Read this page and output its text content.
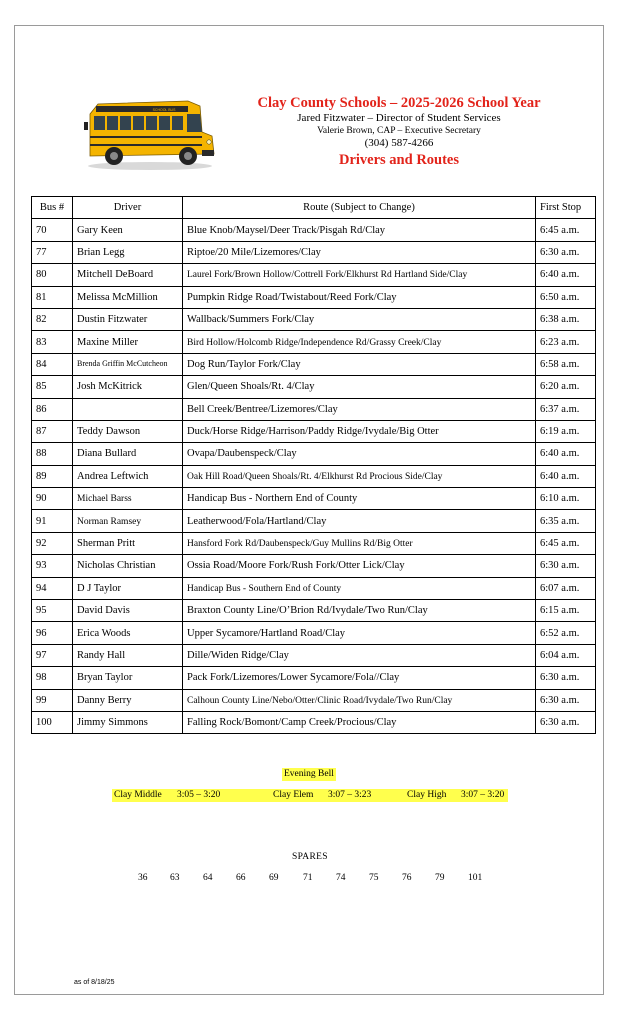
SCHOOL BUS	Clay County Schools – 2025-2026 School Year
Jared Fitzwater – Director of Student Services
Valerie Brown, CAP – Executive Secretary
(304) 587-4266
Drivers and Routes
Bus #	Driver	Route (Subject to Change)	First Stop
70	Gary Keen	Blue Knob/Maysel/Deer Track/Pisgah Rd/Clay	6:45 a.m.
77	Brian Legg	Riptoe/20 Mile/Lizemores/Clay	6:30 a.m.
80	Mitchell DeBoard	Laurel Fork/Brown Hollow/Cottrell Fork/Elkhurst Rd Hartland Side/Clay	6:40 a.m.
81	Melissa McMillion	Pumpkin Ridge Road/Twistabout/Reed Fork/Clay	6:50 a.m.
82	Dustin Fitzwater	Wallback/Summers Fork/Clay	6:38 a.m.
83	Maxine Miller	Bird Hollow/Holcomb Ridge/Independence Rd/Grassy Creek/Clay	6:23 a.m.
84	Brenda Griffin McCutcheon	Dog Run/Taylor Fork/Clay	6:58 a.m.
85	Josh McKitrick	Glen/Queen Shoals/Rt. 4/Clay	6:20 a.m.
86		Bell Creek/Bentree/Lizemores/Clay	6:37 a.m.
87	Teddy Dawson	Duck/Horse Ridge/Harrison/Paddy Ridge/Ivydale/Big Otter	6:19 a.m.
88	Diana Bullard	Ovapa/Daubenspeck/Clay	6:40 a.m.
89	Andrea Leftwich	Oak Hill Road/Queen Shoals/Rt. 4/Elkhurst Rd Procious Side/Clay	6:40 a.m.
90	Michael Barss	Handicap Bus - Northern End of County	6:10 a.m.
91	Norman Ramsey	Leatherwood/Fola/Hartland/Clay	6:35 a.m.
92	Sherman Pritt	Hansford Fork Rd/Daubenspeck/Guy Mullins Rd/Big Otter	6:45 a.m.
93	Nicholas Christian	Ossia Road/Moore Fork/Rush Fork/Otter Lick/Clay	6:30 a.m.
94	D J Taylor	Handicap Bus - Southern End of County	6:07 a.m.
95	David Davis	Braxton County Line/O’Brion Rd/Ivydale/Two Run/Clay	6:15 a.m.
96	Erica Woods	Upper Sycamore/Hartland Road/Clay	6:52 a.m.
97	Randy Hall	Dille/Widen Ridge/Clay	6:04 a.m.
98	Bryan Taylor	Pack Fork/Lizemores/Lower Sycamore/Fola//Clay	6:30 a.m.
99	Danny Berry	Calhoun County Line/Nebo/Otter/Clinic Road/Ivydale/Two Run/Clay	6:30 a.m.
100	Jimmy Simmons	Falling Rock/Bomont/Camp Creek/Procious/Clay	6:30 a.m.
Evening Bell
Clay Middle 3:05 – 3:20	Clay Elem 3:07 – 3:23	Clay High 3:07 – 3:20
SPARES
36 63 64 66 69	71 74 75 76 79 101
as of 8/18/25
